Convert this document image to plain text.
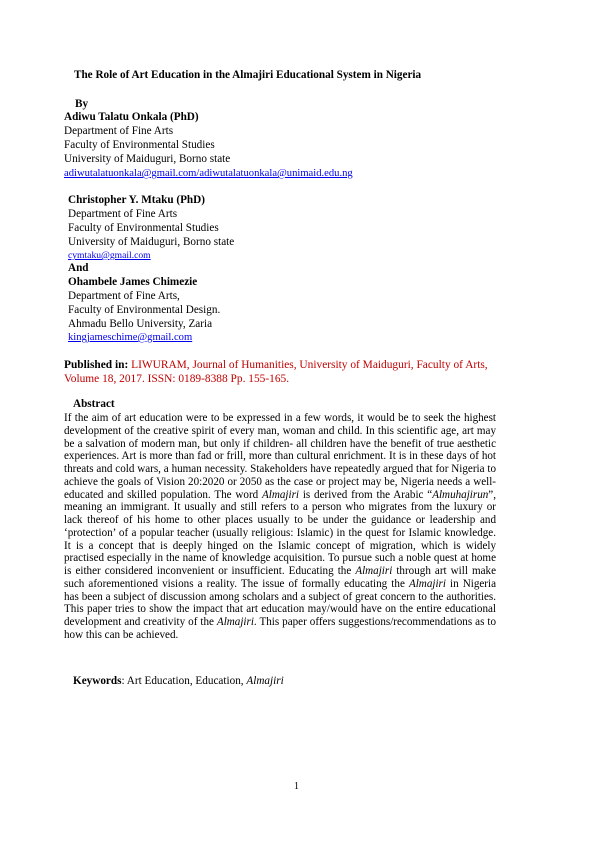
The Role of Art Education in the Almajiri Educational System in Nigeria
By
Adiwu Talatu Onkala (PhD)
Department of Fine Arts
Faculty of Environmental Studies
University of Maiduguri, Borno state
adiwutalatuonkala@gmail.com/adiwutalatuonkala@unimaid.edu.ng
Christopher Y. Mtaku (PhD)
Department of Fine Arts
Faculty of Environmental Studies
University of Maiduguri, Borno state
cymtaku@gmail.com
And
Ohambele James Chimezie
Department of Fine Arts,
Faculty of Environmental Design.
Ahmadu Bello University, Zaria
kingjameschime@gmail.com
Published in: LIWURAM, Journal of Humanities, University of Maiduguri, Faculty of Arts,
Volume 18, 2017. ISSN: 0189-8388 Pp. 155-165.
Abstract

If the aim of art education were to be expressed in a few words, it would be to seek the highest development of the creative spirit of every man, woman and child. In this scientific age, art may be a salvation of modern man, but only if children- all children have the benefit of true aesthetic experiences. Art is more than fad or frill, more than cultural enrichment. It is in these days of hot threats and cold wars, a human necessity. Stakeholders have repeatedly argued that for Nigeria to achieve the goals of Vision 20:2020 or 2050 as the case or project may be, Nigeria needs a well-educated and skilled population. The word Almajiri is derived from the Arabic “Almuhajirun”, meaning an immigrant. It usually and still refers to a person who migrates from the luxury or lack thereof of his home to other places usually to be under the guidance or leadership and ‘protection’ of a popular teacher (usually religious: Islamic) in the quest for Islamic knowledge. It is a concept that is deeply hinged on the Islamic concept of migration, which is widely practised especially in the name of knowledge acquisition. To pursue such a noble quest at home is either considered inconvenient or insufficient. Educating the Almajiri through art will make such aforementioned visions a reality. The issue of formally educating the Almajiri in Nigeria has been a subject of discussion among scholars and a subject of great concern to the authorities. This paper tries to show the impact that art education may/would have on the entire educational development and creativity of the Almajiri. This paper offers suggestions/recommendations as to how this can be achieved.

Keywords: Art Education, Education, Almajiri
1
